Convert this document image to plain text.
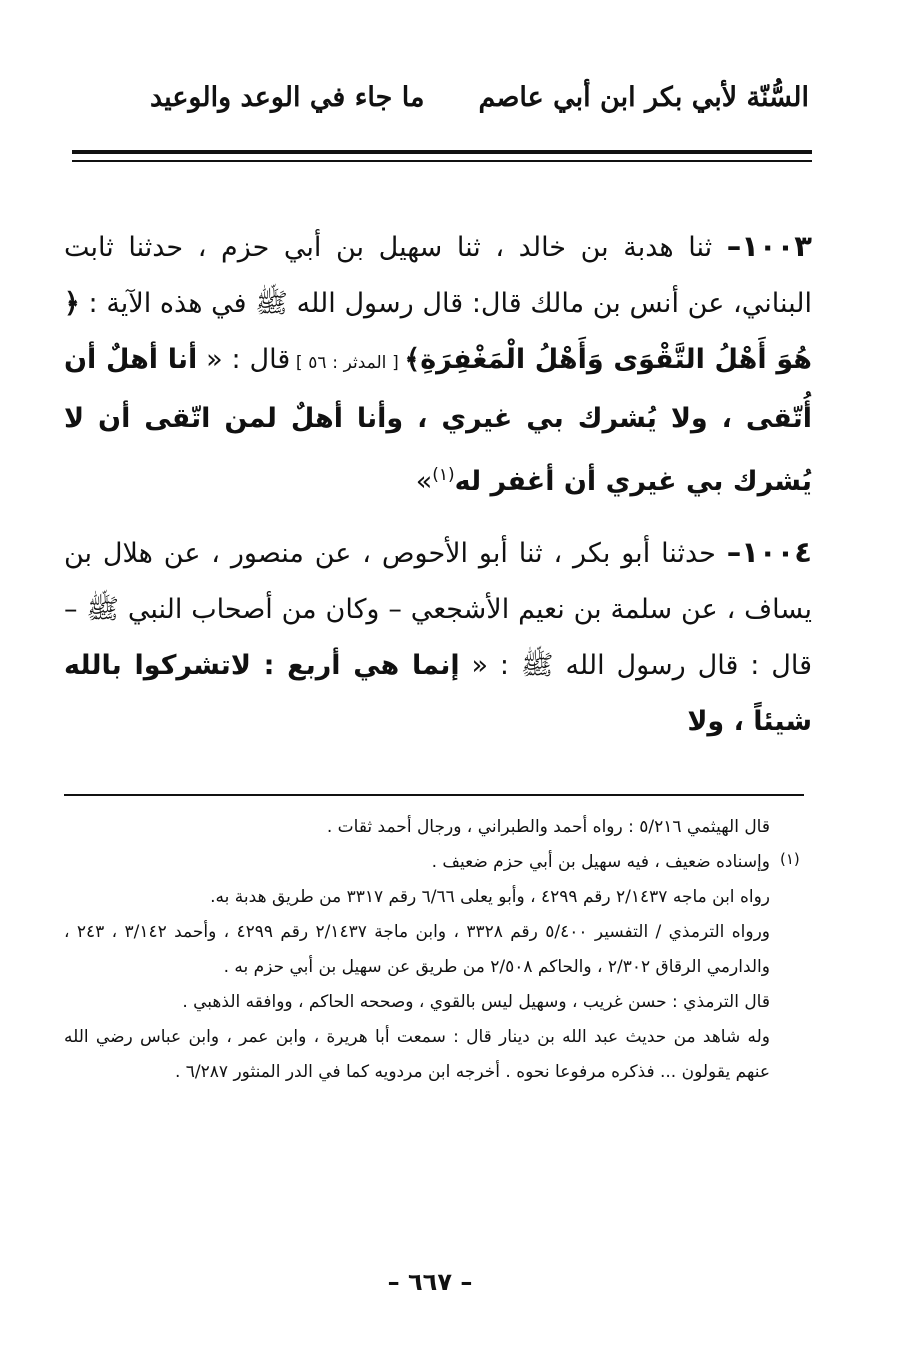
السُّنّة لأبي بكر ابن أبي عاصم
ما جاء في الوعد والوعيد

١٠٠٣– ثنا هدبة بن خالد ، ثنا سهيل بن أبي حزم ، حدثنا ثابت البناني، عن أنس بن مالك قال: قال رسول الله ﷺ في هذه الآية : ﴿ هُوَ أَهْلُ التَّقْوَى وَأَهْلُ الْمَغْفِرَةِ﴾ [ المدثر : ٥٦ ] قال : « أنا أهلٌ أن أُتّقى ، ولا يُشرك بي غيري ، وأنا أهلٌ لمن اتّقى أن لا يُشرك بي غيري أن أغفر له$^{(١)}$»

١٠٠٤– حدثنا أبو بكر ، ثنا أبو الأحوص ، عن منصور ، عن هلال بن يساف ، عن سلمة بن نعيم الأشجعي – وكان من أصحاب النبي ﷺ – قال : قال رسول الله ﷺ : « إنما هي أربع : لاتشركوا بالله شيئاً ، ولا

(١)

قال الهيثمي ٥/٢١٦ : رواه أحمد والطبراني ، ورجال أحمد ثقات .

وإسناده ضعيف ، فيه سهيل بن أبي حزم ضعيف .

رواه ابن ماجه ٢/١٤٣٧ رقم ٤٢٩٩ ، وأبو يعلى ٦/٦٦ رقم ٣٣١٧ من طريق هدبة به.

ورواه الترمذي / التفسير ٥/٤٠٠ رقم ٣٣٢٨ ، وابن ماجة ٢/١٤٣٧ رقم ٤٢٩٩ ، وأحمد ٣/١٤٢ ، ٢٤٣ ، والدارمي الرقاق ٢/٣٠٢ ، والحاكم ٢/٥٠٨ من طريق عن سهيل بن أبي حزم به .

قال الترمذي : حسن غريب ، وسهيل ليس بالقوي ، وصححه الحاكم ، ووافقه الذهبي .

وله شاهد من حديث عبد الله بن دينار قال : سمعت أبا هريرة ، وابن عمر ، وابن عباس رضي الله عنهم يقولون ... فذكره مرفوعا نحوه . أخرجه ابن مردويه كما في الدر المنثور ٦/٢٨٧ .

– ٦٦٧ –
